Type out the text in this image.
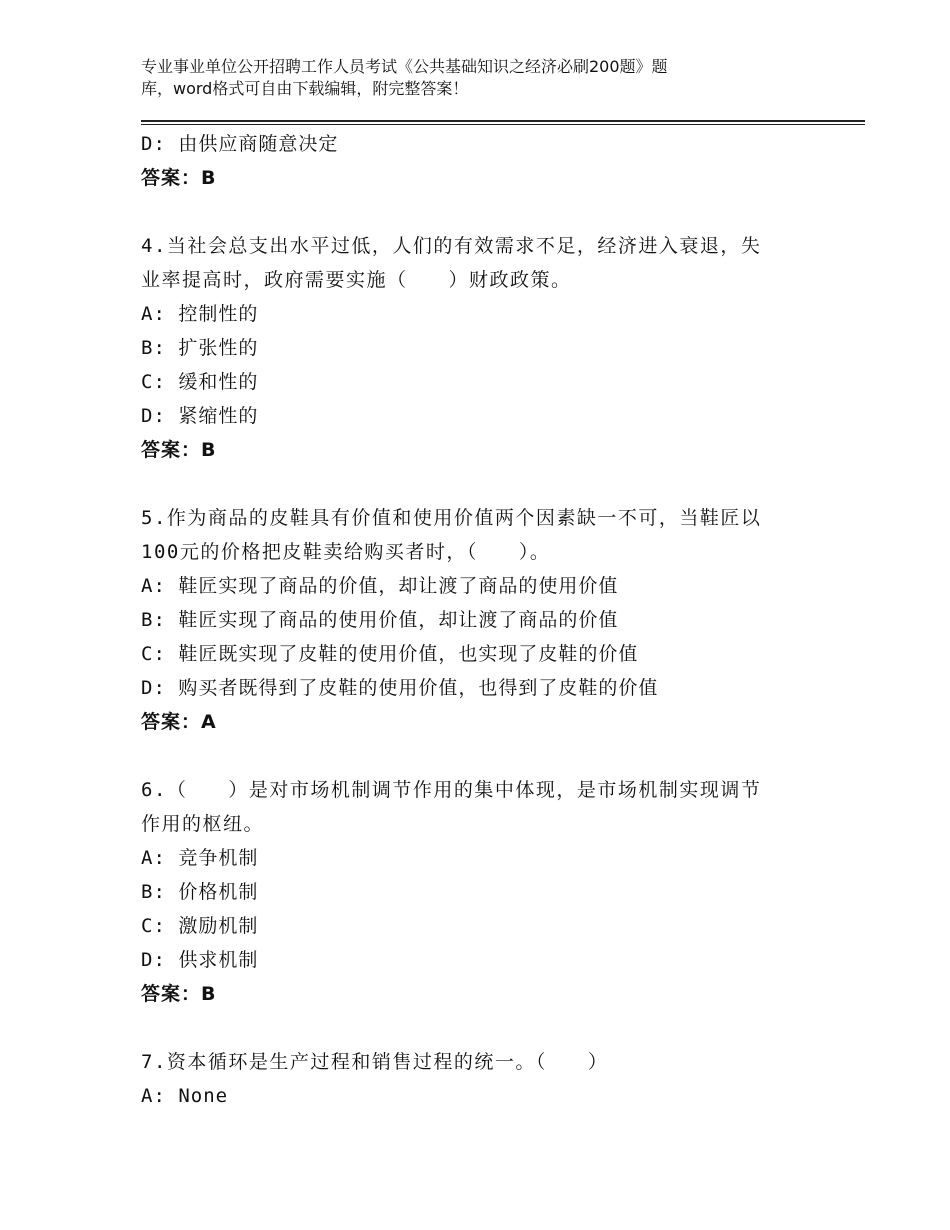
专业事业单位公开招聘工作人员考试《公共基础知识之经济必刷200题》题
库，word格式可自由下载编辑，附完整答案！
D: 由供应商随意决定
答案：B
4.当社会总支出水平过低，人们的有效需求不足，经济进入衰退，失
业率提高时，政府需要实施（　　）财政政策。
A: 控制性的
B: 扩张性的
C: 缓和性的
D: 紧缩性的
答案：B
5.作为商品的皮鞋具有价值和使用价值两个因素缺一不可，当鞋匠以
100元的价格把皮鞋卖给购买者时，（　　）。
A: 鞋匠实现了商品的价值，却让渡了商品的使用价值
B: 鞋匠实现了商品的使用价值，却让渡了商品的价值
C: 鞋匠既实现了皮鞋的使用价值，也实现了皮鞋的价值
D: 购买者既得到了皮鞋的使用价值，也得到了皮鞋的价值
答案：A
6.（　　）是对市场机制调节作用的集中体现，是市场机制实现调节
作用的枢纽。
A: 竞争机制
B: 价格机制
C: 激励机制
D: 供求机制
答案：B
7.资本循环是生产过程和销售过程的统一。（　　）
A: None
